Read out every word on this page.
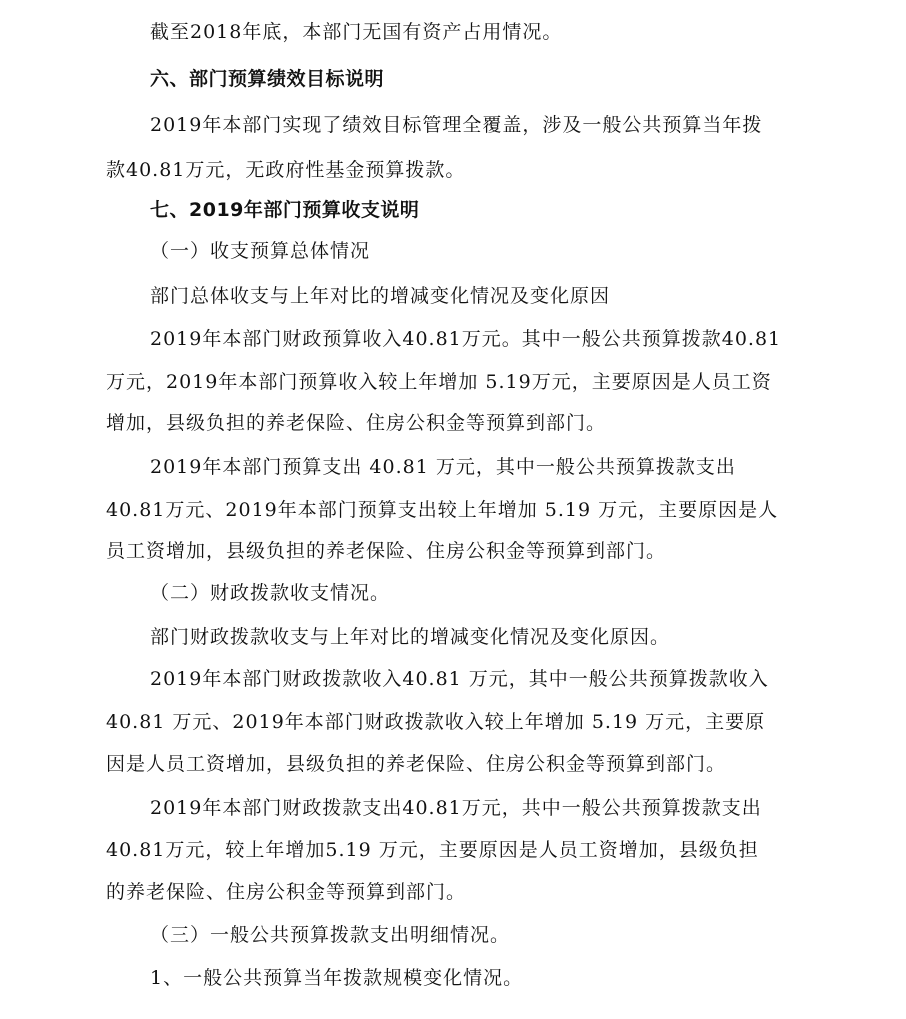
截至2018年底，本部门无国有资产占用情况。
六、部门预算绩效目标说明
2019年本部门实现了绩效目标管理全覆盖，涉及一般公共预算当年拨
款40.81万元，无政府性基金预算拨款。
七、2019年部门预算收支说明
（一）收支预算总体情况
部门总体收支与上年对比的增减变化情况及变化原因
2019年本部门财政预算收入40.81万元。其中一般公共预算拨款40.81
万元，2019年本部门预算收入较上年增加 5.19万元，主要原因是人员工资
增加，县级负担的养老保险、住房公积金等预算到部门。
2019年本部门预算支出 40.81 万元，其中一般公共预算拨款支出
40.81万元、2019年本部门预算支出较上年增加 5.19 万元，主要原因是人
员工资增加，县级负担的养老保险、住房公积金等预算到部门。
（二）财政拨款收支情况。
部门财政拨款收支与上年对比的增减变化情况及变化原因。
2019年本部门财政拨款收入40.81 万元，其中一般公共预算拨款收入
40.81 万元、2019年本部门财政拨款收入较上年增加 5.19 万元，主要原
因是人员工资增加，县级负担的养老保险、住房公积金等预算到部门。
2019年本部门财政拨款支出40.81万元，共中一般公共预算拨款支出
40.81万元，较上年增加5.19 万元，主要原因是人员工资增加，县级负担
的养老保险、住房公积金等预算到部门。
（三）一般公共预算拨款支出明细情况。
1、一般公共预算当年拨款规模变化情况。
